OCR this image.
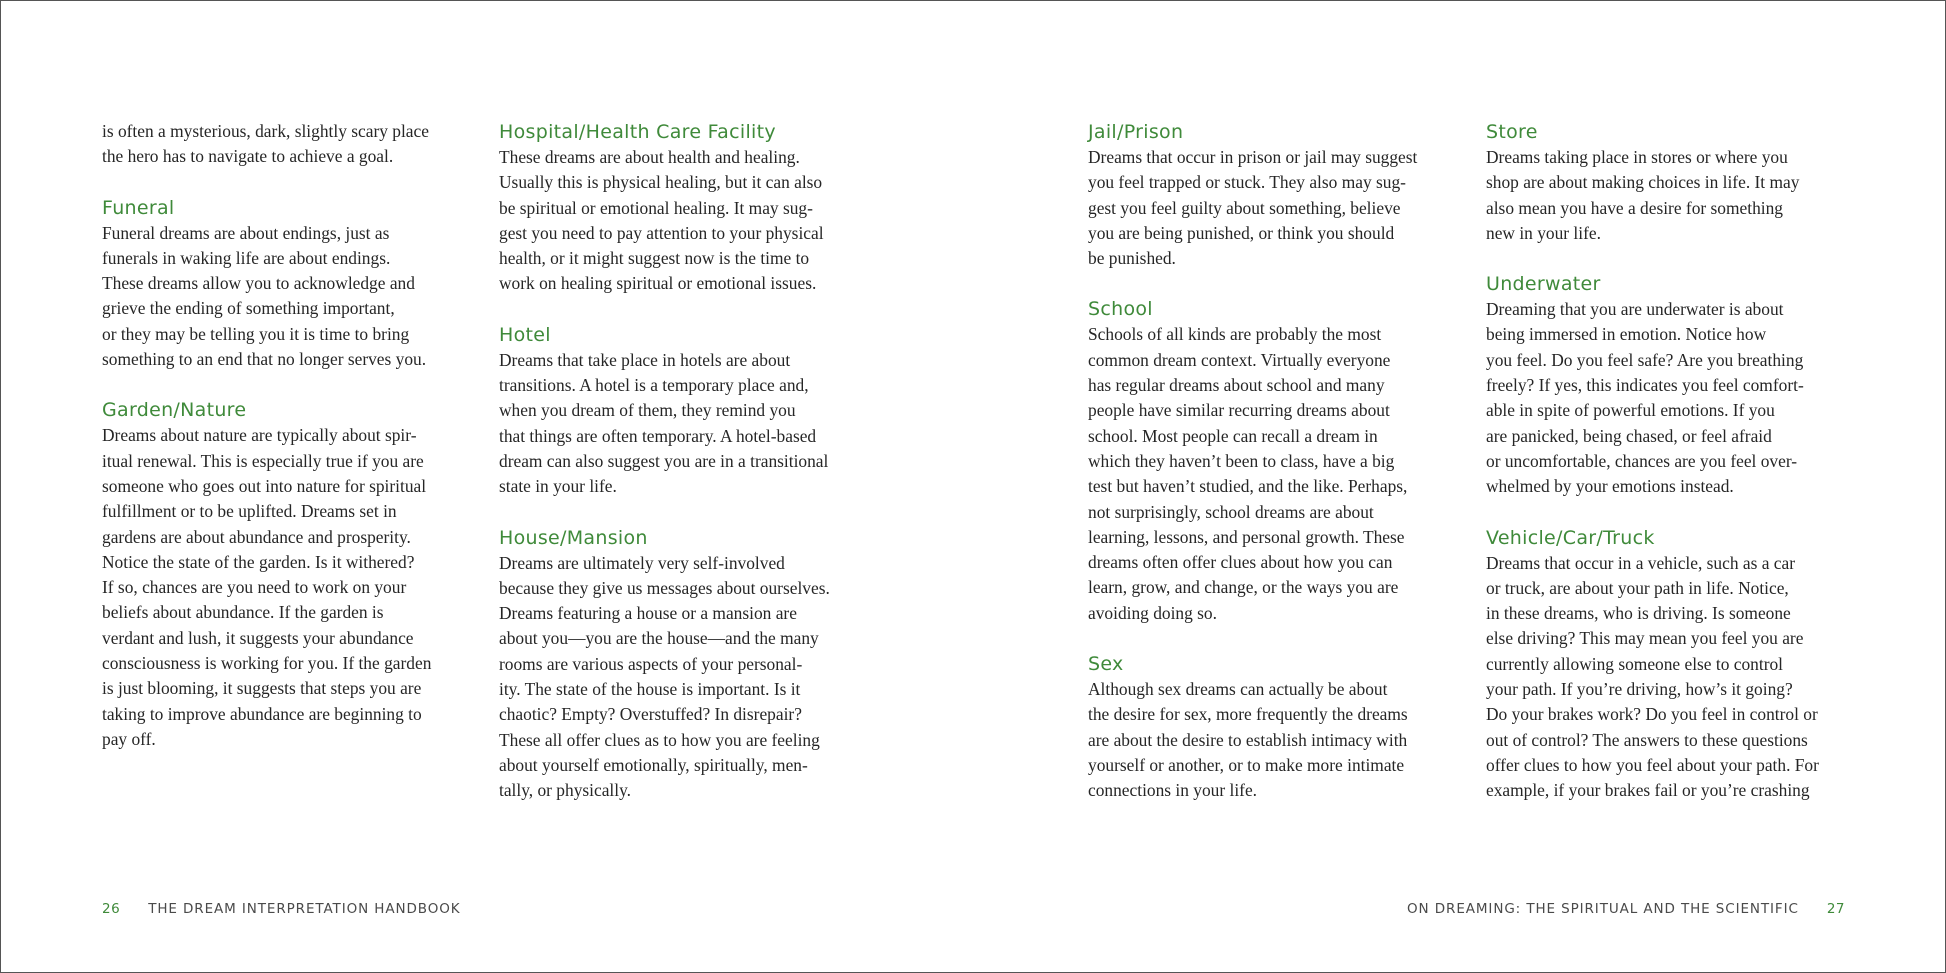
is often a mysterious, dark, slightly scary place
the hero has to navigate to achieve a goal.

Funeral

Funeral dreams are about endings, just as
funerals in waking life are about endings.
These dreams allow you to acknowledge and
grieve the ending of something important,
or they may be telling you it is time to bring
something to an end that no longer serves you.

Garden/Nature

Dreams about nature are typically about spir-
itual renewal. This is especially true if you are
someone who goes out into nature for spiritual
fulfillment or to be uplifted. Dreams set in
gardens are about abundance and prosperity.
Notice the state of the garden. Is it withered?
If so, chances are you need to work on your
beliefs about abundance. If the garden is
verdant and lush, it suggests your abundance
consciousness is working for you. If the garden
is just blooming, it suggests that steps you are
taking to improve abundance are beginning to
pay off.

Hospital/Health Care Facility

These dreams are about health and healing.
Usually this is physical healing, but it can also
be spiritual or emotional healing. It may sug-
gest you need to pay attention to your physical
health, or it might suggest now is the time to
work on healing spiritual or emotional issues.

Hotel

Dreams that take place in hotels are about
transitions. A hotel is a temporary place and,
when you dream of them, they remind you
that things are often temporary. A hotel-based
dream can also suggest you are in a transitional
state in your life.

House/Mansion

Dreams are ultimately very self-involved
because they give us messages about ourselves.
Dreams featuring a house or a mansion are
about you—you are the house—and the many
rooms are various aspects of your personal-
ity. The state of the house is important. Is it
chaotic? Empty? Overstuffed? In disrepair?
These all offer clues as to how you are feeling
about yourself emotionally, spiritually, men-
tally, or physically.

26 THE DREAM INTERPRETATION HANDBOOK
Jail/Prison

Dreams that occur in prison or jail may suggest
you feel trapped or stuck. They also may sug-
gest you feel guilty about something, believe
you are being punished, or think you should
be punished.

School

Schools of all kinds are probably the most
common dream context. Virtually everyone
has regular dreams about school and many
people have similar recurring dreams about
school. Most people can recall a dream in
which they haven’t been to class, have a big
test but haven’t studied, and the like. Perhaps,
not surprisingly, school dreams are about
learning, lessons, and personal growth. These
dreams often offer clues about how you can
learn, grow, and change, or the ways you are
avoiding doing so.

Sex

Although sex dreams can actually be about
the desire for sex, more frequently the dreams
are about the desire to establish intimacy with
yourself or another, or to make more intimate
connections in your life.

Store

Dreams taking place in stores or where you
shop are about making choices in life. It may
also mean you have a desire for something
new in your life.

Underwater

Dreaming that you are underwater is about
being immersed in emotion. Notice how
you feel. Do you feel safe? Are you breathing
freely? If yes, this indicates you feel comfort-
able in spite of powerful emotions. If you
are panicked, being chased, or feel afraid
or uncomfortable, chances are you feel over-
whelmed by your emotions instead.

Vehicle/Car/Truck

Dreams that occur in a vehicle, such as a car
or truck, are about your path in life. Notice,
in these dreams, who is driving. Is someone
else driving? This may mean you feel you are
currently allowing someone else to control
your path. If you’re driving, how’s it going?
Do your brakes work? Do you feel in control or
out of control? The answers to these questions
offer clues to how you feel about your path. For
example, if your brakes fail or you’re crashing

ON DREAMING: THE SPIRITUAL AND THE SCIENTIFIC 27
